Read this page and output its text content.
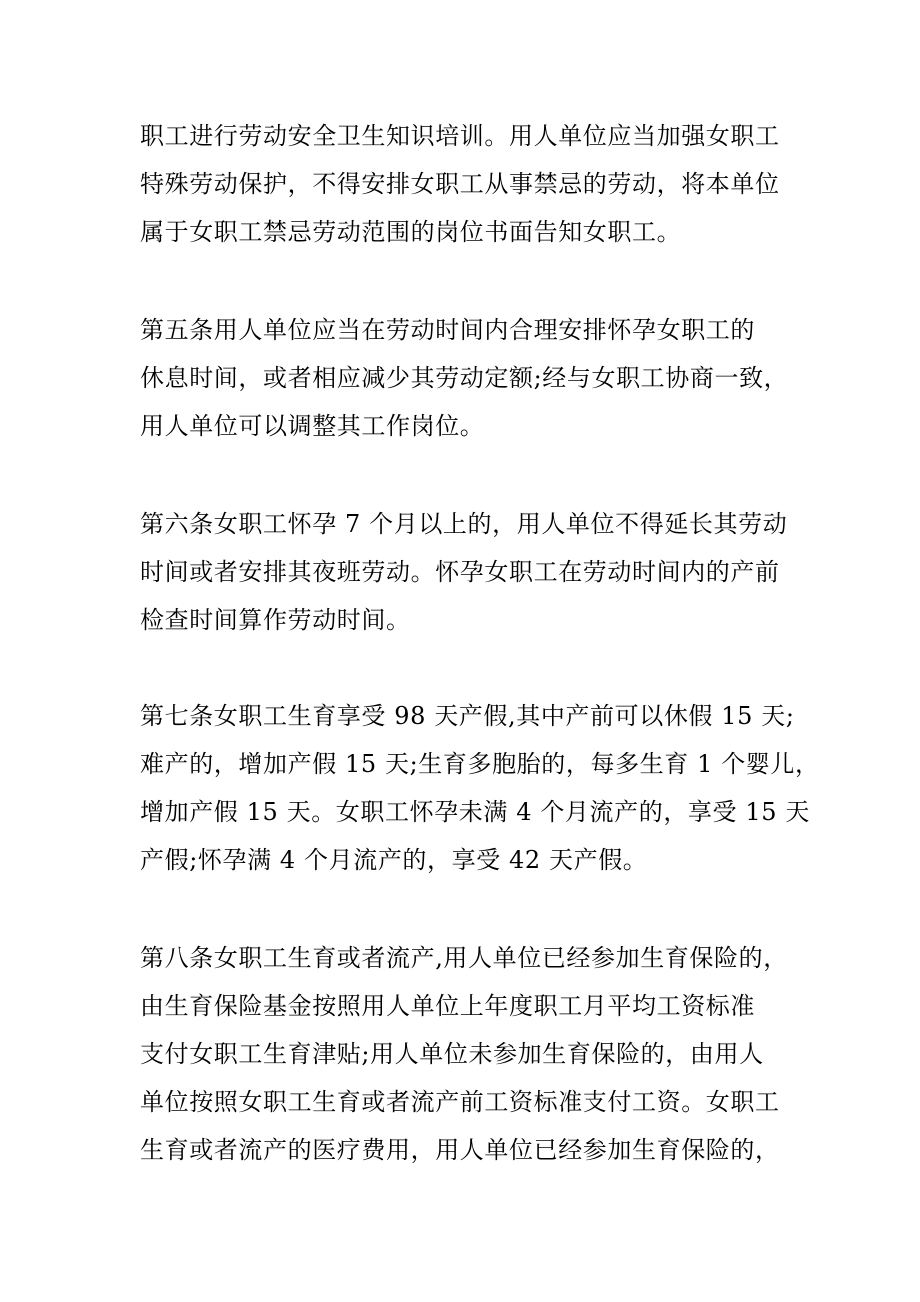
职工进行劳动安全卫生知识培训。用人单位应当加强女职工
特殊劳动保护，不得安排女职工从事禁忌的劳动，将本单位
属于女职工禁忌劳动范围的岗位书面告知女职工。
第五条用人单位应当在劳动时间内合理安排怀孕女职工的
休息时间，或者相应减少其劳动定额;经与女职工协商一致，
用人单位可以调整其工作岗位。
第六条女职工怀孕 7 个月以上的，用人单位不得延长其劳动
时间或者安排其夜班劳动。怀孕女职工在劳动时间内的产前
检查时间算作劳动时间。
第七条女职工生育享受 98 天产假,其中产前可以休假 15 天;
难产的，增加产假 15 天;生育多胞胎的，每多生育 1 个婴儿，
增加产假 15 天。女职工怀孕未满 4 个月流产的，享受 15 天
产假;怀孕满 4 个月流产的，享受 42 天产假。
第八条女职工生育或者流产,用人单位已经参加生育保险的，
由生育保险基金按照用人单位上年度职工月平均工资标准
支付女职工生育津贴;用人单位未参加生育保险的，由用人
单位按照女职工生育或者流产前工资标准支付工资。女职工
生育或者流产的医疗费用，用人单位已经参加生育保险的，
